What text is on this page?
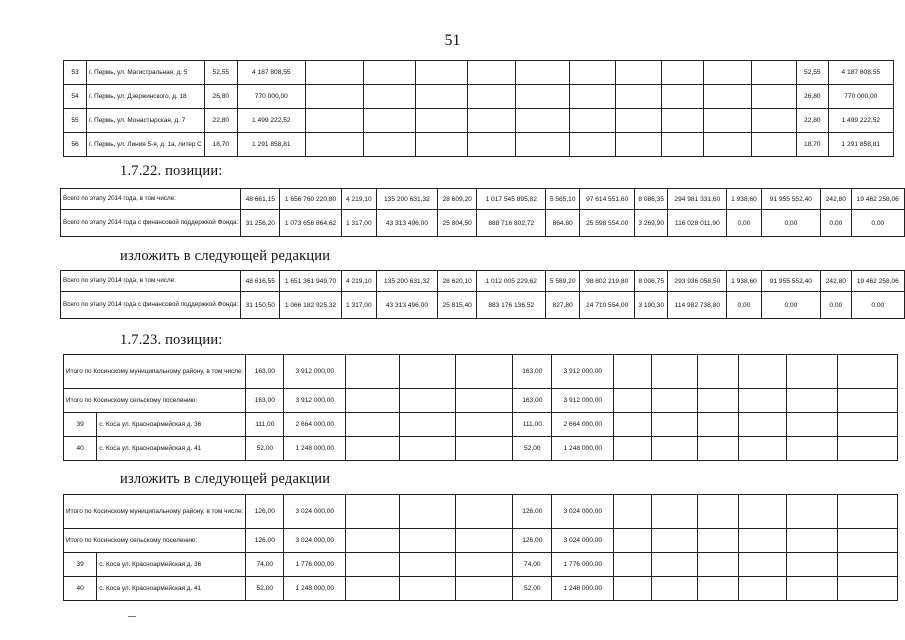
51
53	г. Пермь, ул. Магистральная, д. 5	52,55	4 187 808,55											52,55	4 187 808,55
54	г. Пермь, ул. Дзержинского, д. 18	26,80	770 000,00											26,80	770 000,00
55	г. Пермь, ул. Монастырская, д. 7	22,80	1 499 222,52											22,80	1 499 222,52
56	г. Пермь, ул. Линия 5-я, д. 1а, литер С	18,70	1 291 858,81											18,70	1 291 858,81
1.7.22. позиции:
Всего по этапу 2014 года, в том числе:	48 661,15	1 656 760 220,80	4 219,10	135 200 631,32	28 609,20	1 017 545 895,82	5 565,10	97 614 551,60	8 086,35	294 981 331,60	1 938,60	91 955 552,40	242,80	19 462 258,06
Всего по этапу 2014 года с финансовой поддержкой Фонда:	31 256,20	1 073 656 864,62	1 317,00	43 313 496,00	25 804,50	888 716 802,72	864,80	25 598 554,00	3 269,90	116 028 011,90	0,00	0,00	0,00	0,00
изложить в следующей редакции
Всего по этапу 2014 года, в том числе:	48 616,55	1 651 361 949,70	4 219,10	135 200 631,32	28 620,10	1 012 005 229,62	5 589,20	98 802 219,80	8 006,75	293 936 058,50	1 938,60	91 955 552,40	242,80	19 462 258,06
Всего по этапу 2014 года с финансовой поддержкой Фонда:	31 150,50	1 066 182 925,32	1 317,00	43 313 496,00	25 815,40	883 176 136,52	827,80	24 710 554,00	3 190,30	114 982 738,80	0,00	0,00	0,00	0,00
1.7.23. позиции:
Итого по Косинскому муниципальному району, в том числе:		163,00	3 912 000,00				163,00	3 912 000,00						
Итого по Косинскому сельскому поселению:		163,00	3 912 000,00				163,00	3 912 000,00						
39	с. Коса ул. Красноармейская д. 36	111,00	2 664 000,00				111,00	2 664 000,00						
40	с. Коса ул. Красноармейская д. 41	52,00	1 248 000,00				52,00	1 248 000,00						
изложить в следующей редакции
Итого по Косинскому муниципальному району, в том числе:		126,00	3 024 000,00				126,00	3 024 000,00						
Итого по Косинскому сельскому поселению:		126,00	3 024 000,00				126,00	3 024 000,00						
39	с. Коса ул. Красноармейская д. 36	74,00	1 776 000,00				74,00	1 776 000,00						
40	с. Коса ул. Красноармейская д. 41	52,00	1 248 000,00				52,00	1 248 000,00						
